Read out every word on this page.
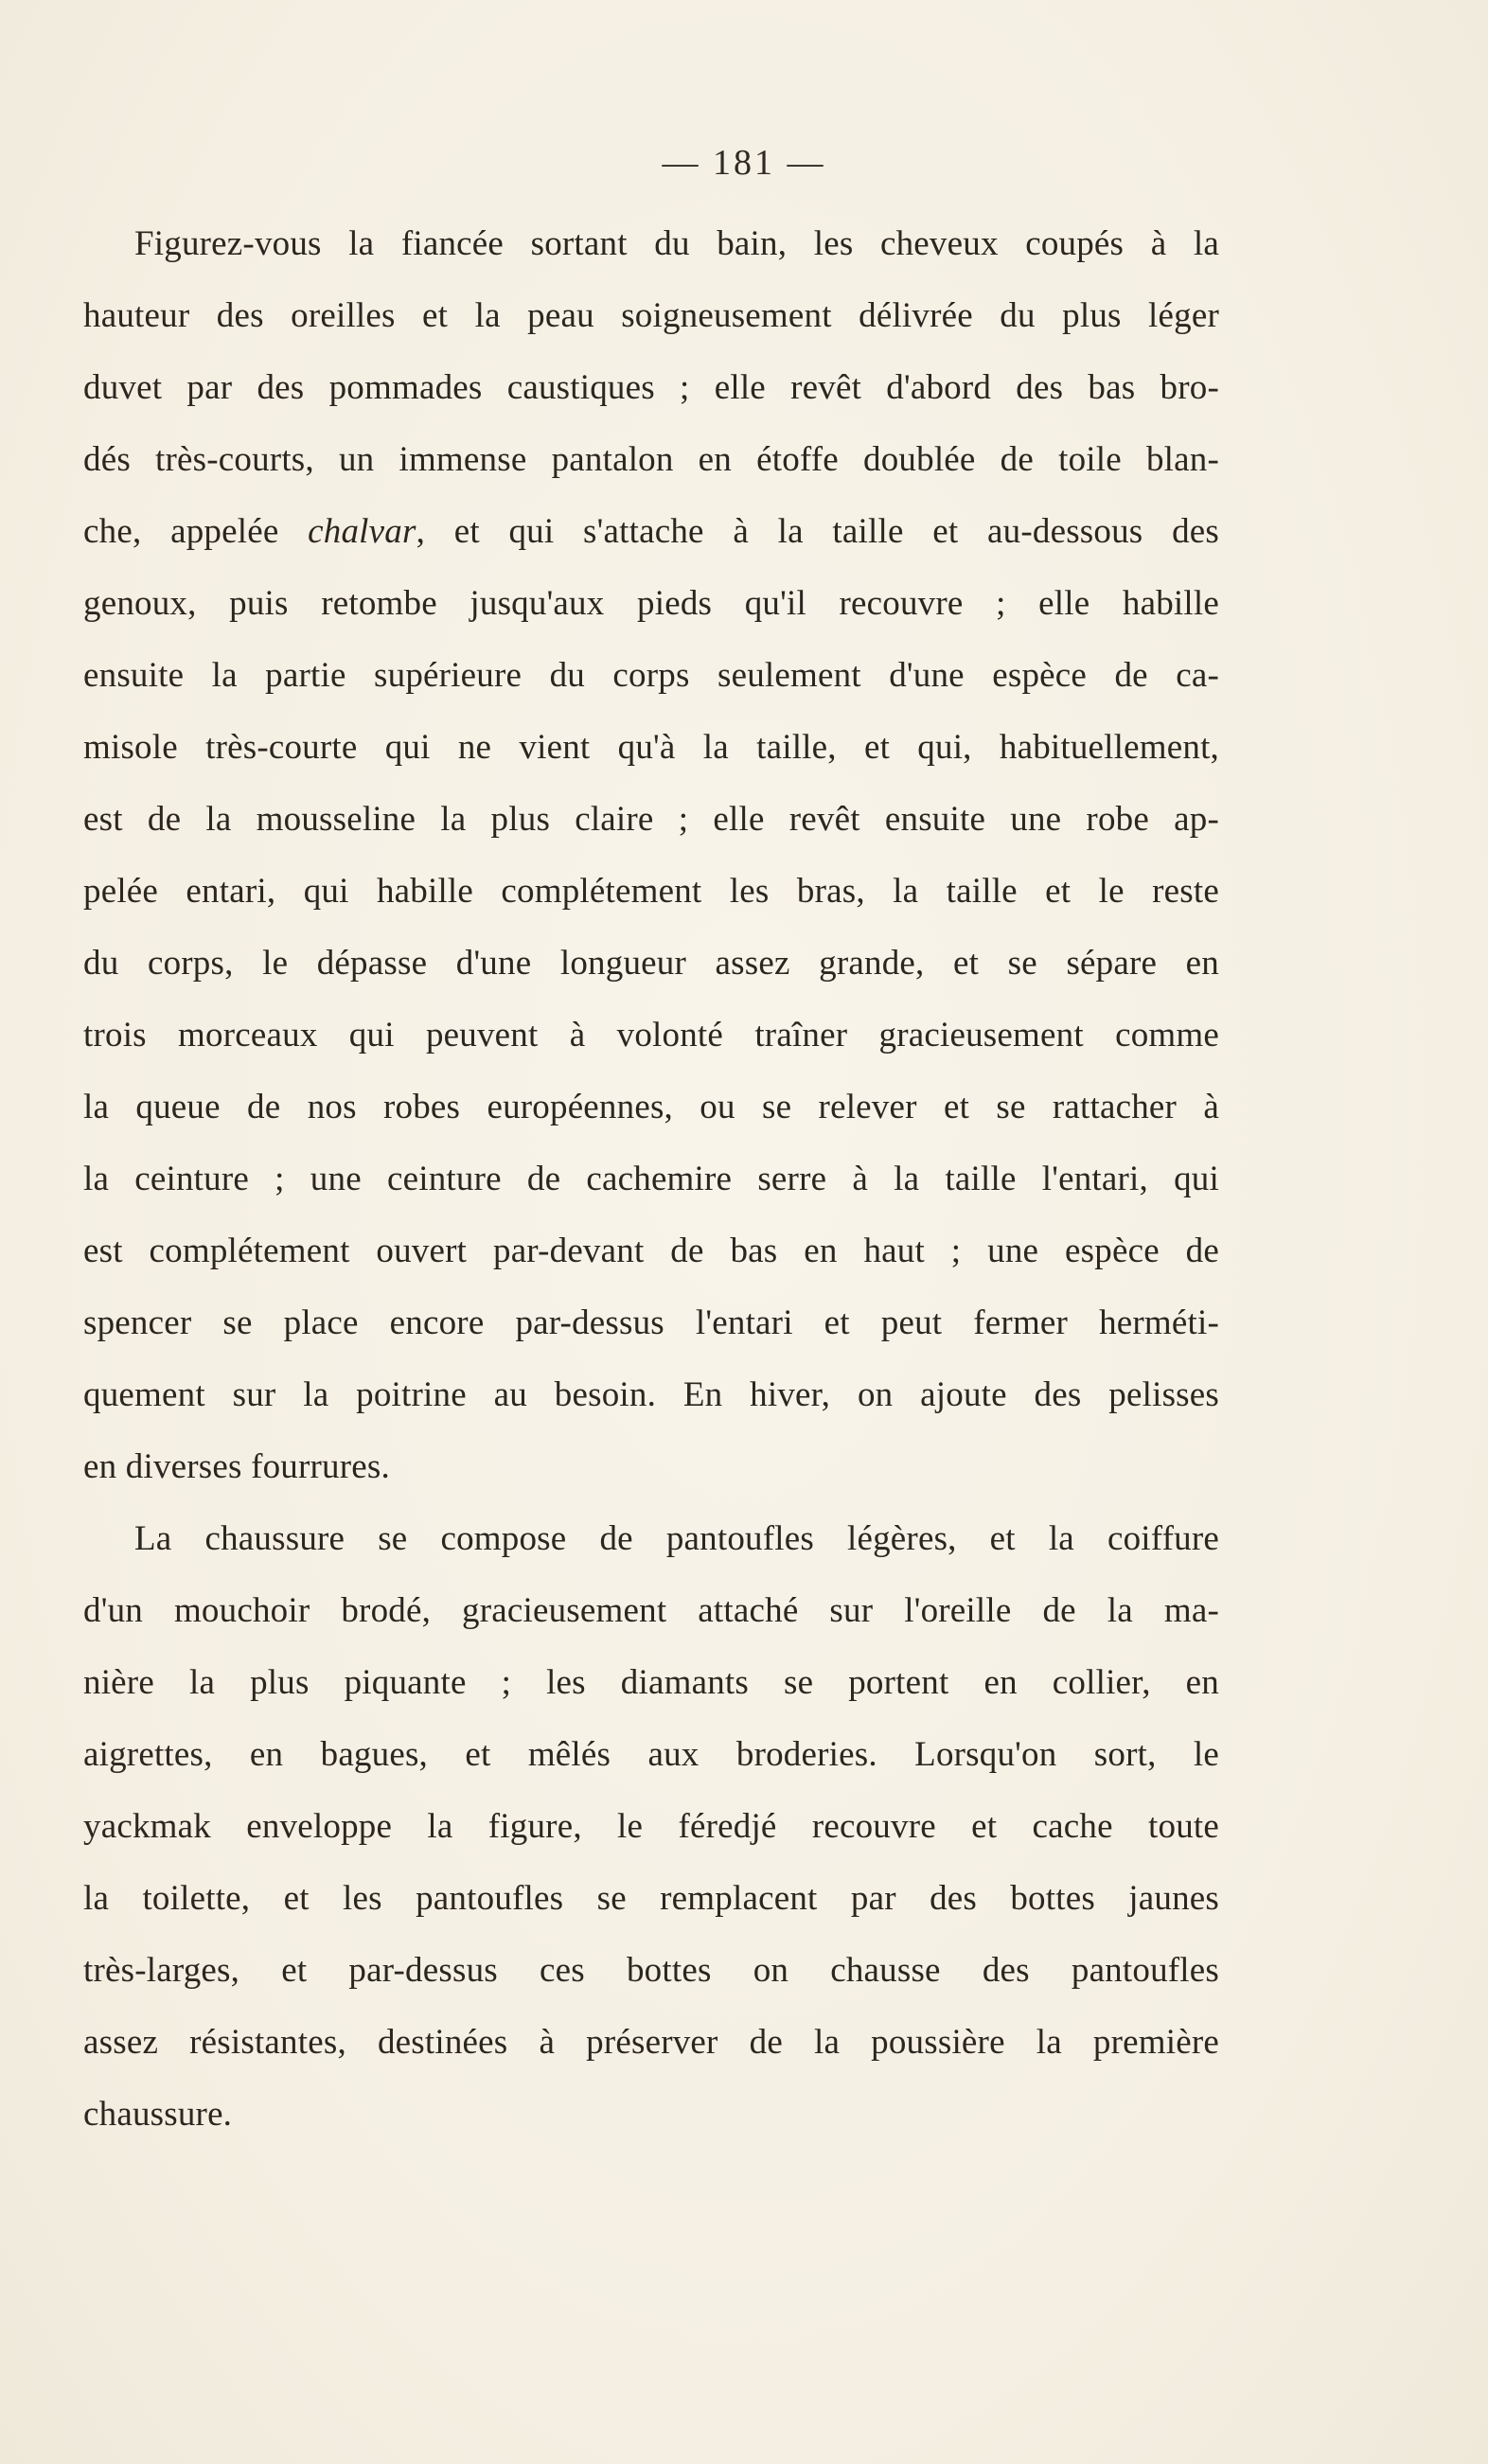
— 181 —
Figurez-vous la fiancée sortant du bain, les cheveux coupés à la
hauteur des oreilles et la peau soigneusement délivrée du plus léger
duvet par des pommades caustiques ; elle revêt d'abord des bas bro-
dés très-courts, un immense pantalon en étoffe doublée de toile blan-
che, appelée chalvar, et qui s'attache à la taille et au-dessous des
genoux, puis retombe jusqu'aux pieds qu'il recouvre ; elle habille
ensuite la partie supérieure du corps seulement d'une espèce de ca-
misole très-courte qui ne vient qu'à la taille, et qui, habituellement,
est de la mousseline la plus claire ; elle revêt ensuite une robe ap-
pelée entari, qui habille complétement les bras, la taille et le reste
du corps, le dépasse d'une longueur assez grande, et se sépare en
trois morceaux qui peuvent à volonté traîner gracieusement comme
la queue de nos robes européennes, ou se relever et se rattacher à
la ceinture ; une ceinture de cachemire serre à la taille l'entari, qui
est complétement ouvert par-devant de bas en haut ; une espèce de
spencer se place encore par-dessus l'entari et peut fermer herméti-
quement sur la poitrine au besoin. En hiver, on ajoute des pelisses
en diverses fourrures.
La chaussure se compose de pantoufles légères, et la coiffure
d'un mouchoir brodé, gracieusement attaché sur l'oreille de la ma-
nière la plus piquante ; les diamants se portent en collier, en
aigrettes, en bagues, et mêlés aux broderies. Lorsqu'on sort, le
yackmak enveloppe la figure, le féredjé recouvre et cache toute
la toilette, et les pantoufles se remplacent par des bottes jaunes
très-larges, et par-dessus ces bottes on chausse des pantoufles
assez résistantes, destinées à préserver de la poussière la première
chaussure.
